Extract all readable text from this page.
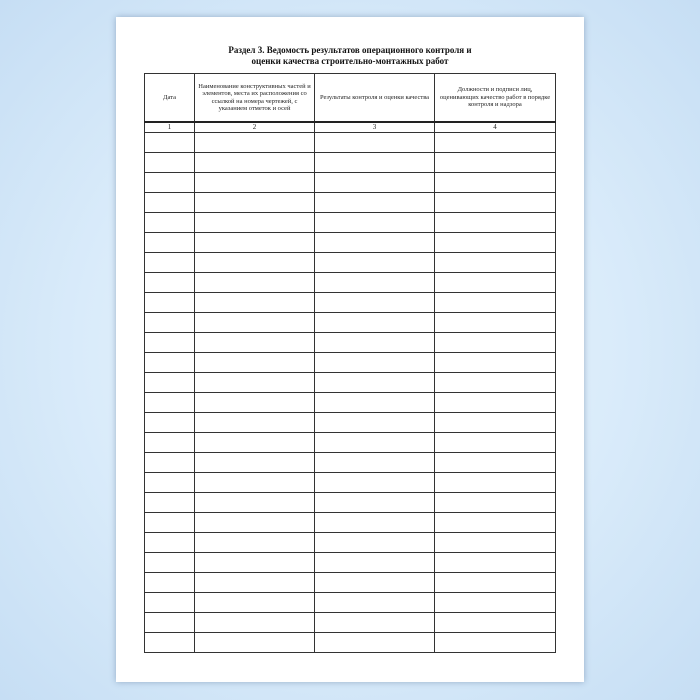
Раздел 3. Ведомость результатов операционного контроля и
оценки качества строительно-монтажных работ
Дата	Наименование конструктивных частей и элементов, места их расположения со ссылкой на номера чертежей, с указанием отметок и осей	Результаты контроля и оценки качества	Должности и подписи лиц, оценивающих качество работ в порядке контроля и надзора
1	2	3	4
